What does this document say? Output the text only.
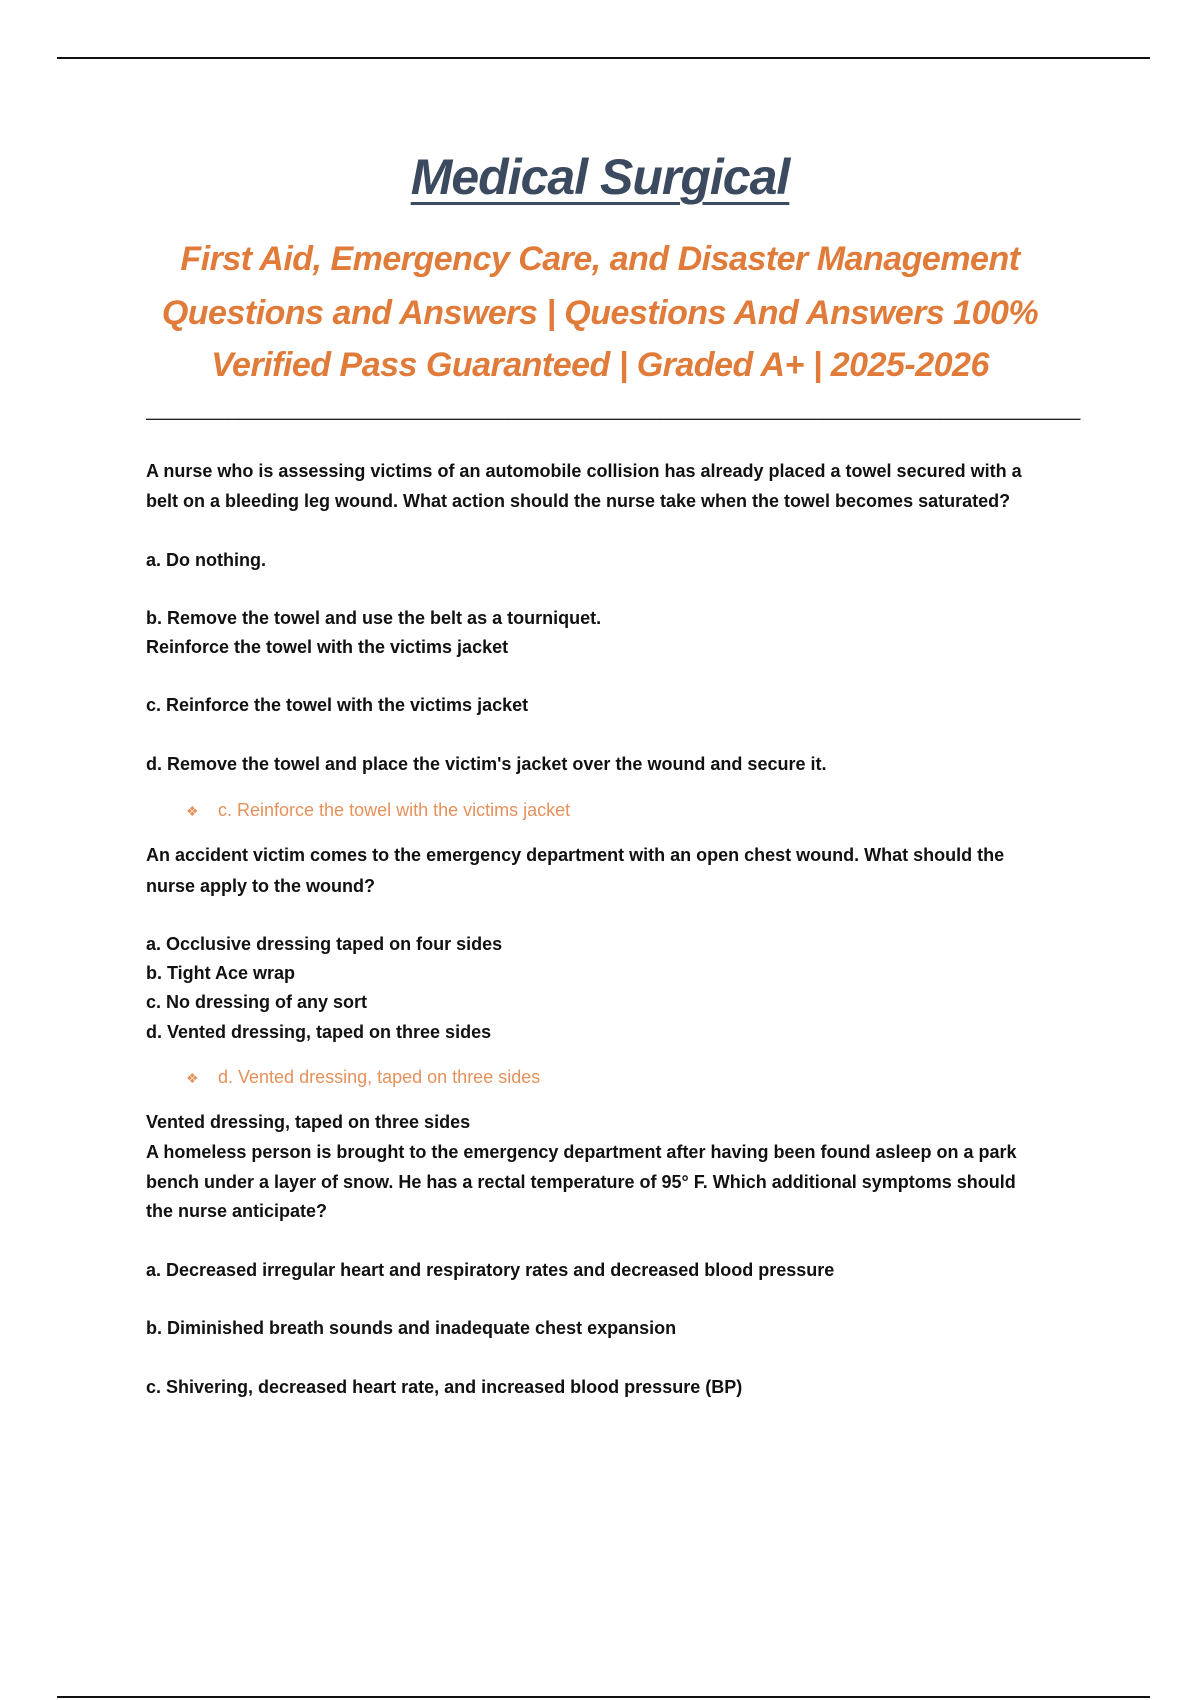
Medical Surgical
First Aid, Emergency Care, and Disaster Management
Questions and Answers | Questions And Answers 100%
Verified Pass Guaranteed | Graded A+ | 2025-2026
________________________________________________________________________________
A nurse who is assessing victims of an automobile collision has already placed a towel secured with a
belt on a bleeding leg wound. What action should the nurse take when the towel becomes saturated?
a. Do nothing.
b. Remove the towel and use the belt as a tourniquet.
Reinforce the towel with the victims jacket
c. Reinforce the towel with the victims jacket
d. Remove the towel and place the victim's jacket over the wound and secure it.
❖ c. Reinforce the towel with the victims jacket
An accident victim comes to the emergency department with an open chest wound. What should the
nurse apply to the wound?
a. Occlusive dressing taped on four sides
b. Tight Ace wrap
c. No dressing of any sort
d. Vented dressing, taped on three sides
❖ d. Vented dressing, taped on three sides
Vented dressing, taped on three sides
A homeless person is brought to the emergency department after having been found asleep on a park
bench under a layer of snow. He has a rectal temperature of 95° F. Which additional symptoms should
the nurse anticipate?
a. Decreased irregular heart and respiratory rates and decreased blood pressure
b. Diminished breath sounds and inadequate chest expansion
c. Shivering, decreased heart rate, and increased blood pressure (BP)
